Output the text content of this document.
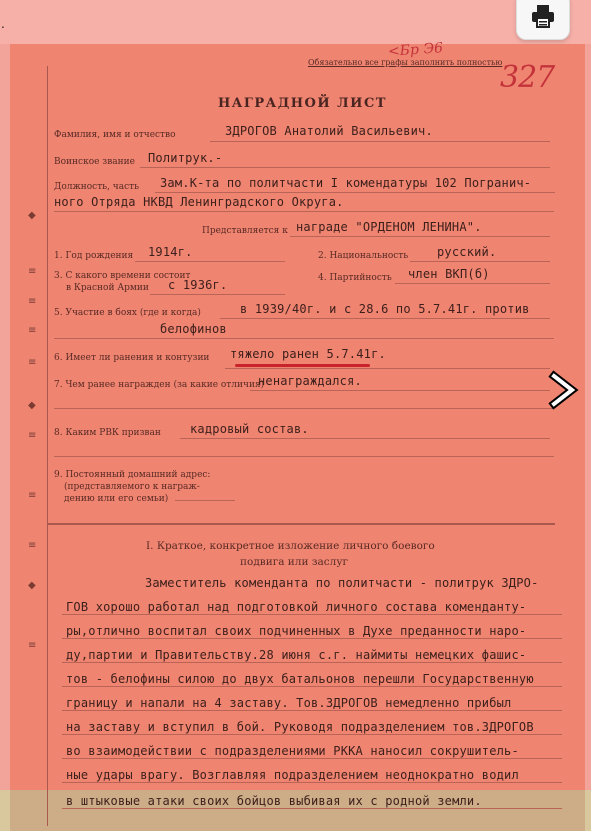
.
◆
≡
≡
≡
≡
◆
≡
≡
≡
◆
≡
Обязательно все графы заполнить полностью
<Бр Э6
327
НАГРАДНОЙ ЛИСТ
Фамилия, имя и отчество	ЗДРОГОВ Анатолий Васильевич.
Воинское звание Политрук.-
Должность, часть Зам.К-та по политчасти I комендатуры 102 Погранич-
ного Отряда НКВД Ленинградского Округа.
Представляется к награде "ОРДЕНОМ ЛЕНИНА".
1. Год рождения 1914г.	2. Национальность русский.
3. С какого времени состоит
в Красной Армии с 1936г.	4. Партийность член ВКП(б)
5. Участие в боях (где и когда)	в 1939/40г. и с 28.6 по 5.7.41г. против
белофинов
6. Имеет ли ранения и контузии тяжело ранен 5.7.41г.
7. Чем ранее награжден (за какие отличия)
ненаграждался.
8. Каким РВК призван кадровый состав.
9. Постоянный домашний адрес:
(представляемого к награж-
дению или его семьи)
I. Краткое, конкретное изложение личного боевого
подвига или заслуг
Заместитель коменданта по политчасти - политрук ЗДРО-
ГОВ хорошо работал над подготовкой личного состава коменданту-
ры,отлично воспитал своих подчиненных в Духе преданности наро-
ду,партии и Правительству.28 июня с.г. наймиты немецких фашис-
тов - белофины силою до двух батальонов перешли Государственную
границу и напали на 4 заставу. Тов.ЗДРОГОВ немедленно прибыл
на заставу и вступил в бой. Руководя подразделением тов.ЗДРОГОВ
во взаимодействии с подразделениями РККА наносил сокрушитель-
ные удары врагу. Возглавляя подразделением неоднократно водил
в штыковые атаки своих бойцов выбивая их с родной земли.
